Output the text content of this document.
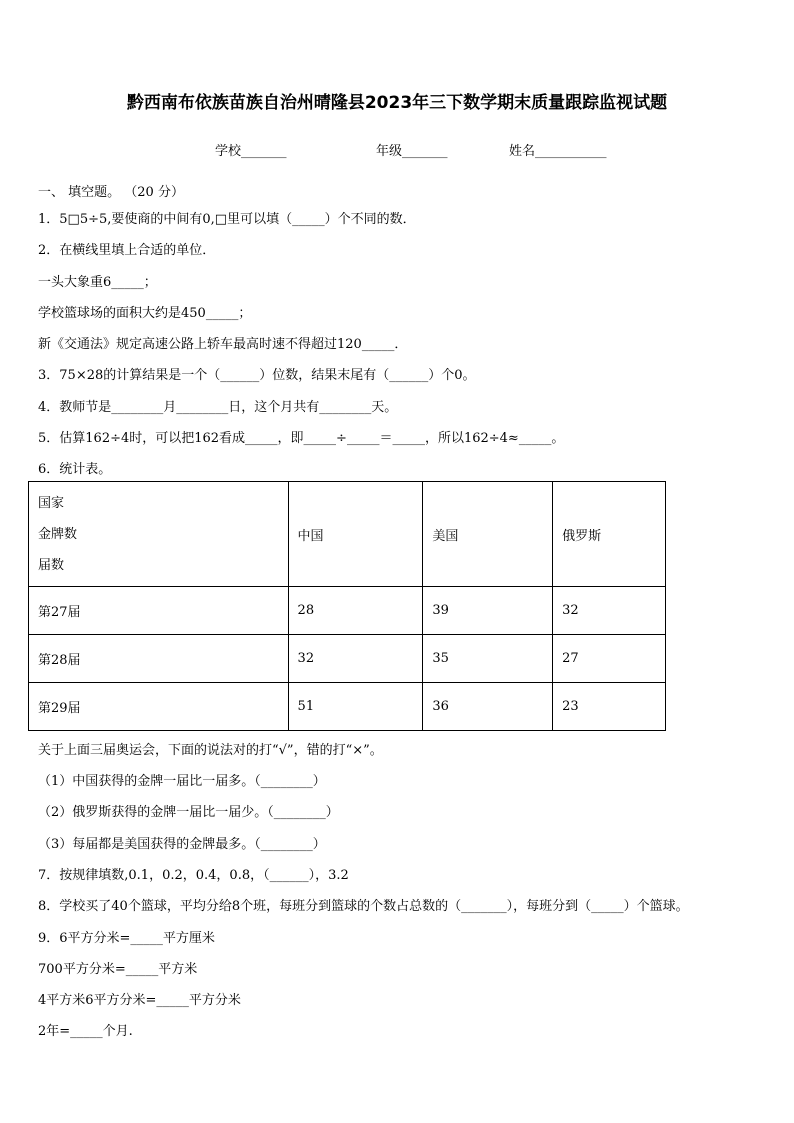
黔西南布依族苗族自治州晴隆县2023年三下数学期末质量跟踪监视试题
学校_______	年级_______	姓名___________
一、 填空题。 （20 分）
1．5□5÷5,要使商的中间有0,□里可以填（_____）个不同的数．
2．在横线里填上合适的单位．
一头大象重6_____；
学校篮球场的面积大约是450_____；
新《交通法》规定高速公路上轿车最高时速不得超过120_____．
3．75×28的计算结果是一个（______）位数，结果末尾有（______）个0。
4．教师节是________月________日，这个月共有________天。
5．估算162÷4时，可以把162看成_____，即_____÷_____＝_____，所以162÷4≈_____。
6．统计表。
国家
金牌数
届数	中国	美国	俄罗斯
第27届	28	39	32
第28届	32	35	27
第29届	51	36	23
关于上面三届奥运会，下面的说法对的打“√”，错的打“×”。
（1）中国获得的金牌一届比一届多。（________）
（2）俄罗斯获得的金牌一届比一届少。（________）
（3）每届都是美国获得的金牌最多。（________）
7．按规律填数,0.1，0.2，0.4，0.8，（______），3.2
8．学校买了40个篮球，平均分给8个班，每班分到篮球的个数占总数的（_______），每班分到（_____）个篮球。
9．6平方分米=_____平方厘米
700平方分米=_____平方米
4平方米6平方分米=_____平方分米
2年=_____个月.
